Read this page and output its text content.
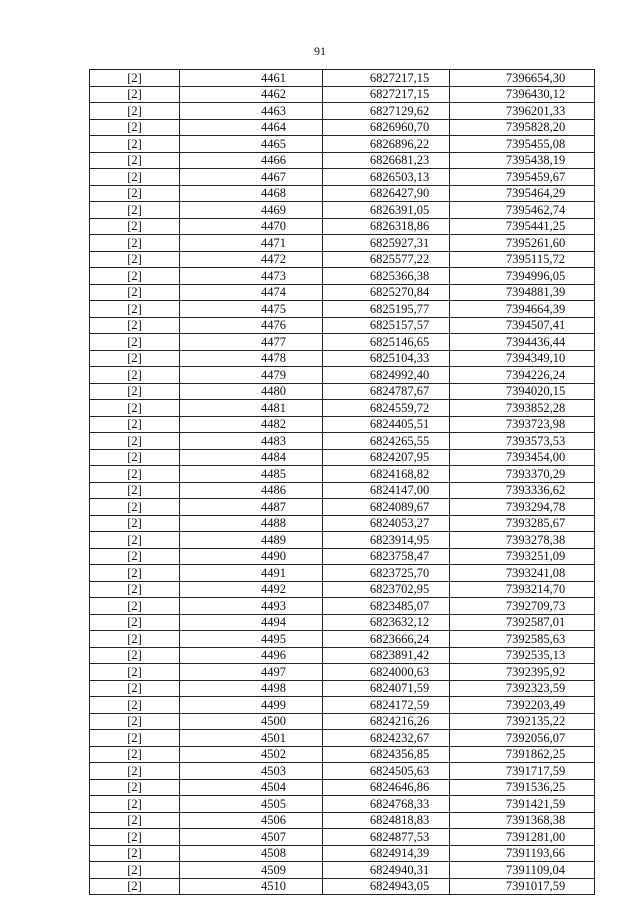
91
[2]	4461	6827217,15	7396654,30
[2]	4462	6827217,15	7396430,12
[2]	4463	6827129,62	7396201,33
[2]	4464	6826960,70	7395828,20
[2]	4465	6826896,22	7395455,08
[2]	4466	6826681,23	7395438,19
[2]	4467	6826503,13	7395459,67
[2]	4468	6826427,90	7395464,29
[2]	4469	6826391,05	7395462,74
[2]	4470	6826318,86	7395441,25
[2]	4471	6825927,31	7395261,60
[2]	4472	6825577,22	7395115,72
[2]	4473	6825366,38	7394996,05
[2]	4474	6825270,84	7394881,39
[2]	4475	6825195,77	7394664,39
[2]	4476	6825157,57	7394507,41
[2]	4477	6825146,65	7394436,44
[2]	4478	6825104,33	7394349,10
[2]	4479	6824992,40	7394226,24
[2]	4480	6824787,67	7394020,15
[2]	4481	6824559,72	7393852,28
[2]	4482	6824405,51	7393723,98
[2]	4483	6824265,55	7393573,53
[2]	4484	6824207,95	7393454,00
[2]	4485	6824168,82	7393370,29
[2]	4486	6824147,00	7393336,62
[2]	4487	6824089,67	7393294,78
[2]	4488	6824053,27	7393285,67
[2]	4489	6823914,95	7393278,38
[2]	4490	6823758,47	7393251,09
[2]	4491	6823725,70	7393241,08
[2]	4492	6823702,95	7393214,70
[2]	4493	6823485,07	7392709,73
[2]	4494	6823632,12	7392587,01
[2]	4495	6823666,24	7392585,63
[2]	4496	6823891,42	7392535,13
[2]	4497	6824000,63	7392395,92
[2]	4498	6824071,59	7392323,59
[2]	4499	6824172,59	7392203,49
[2]	4500	6824216,26	7392135,22
[2]	4501	6824232,67	7392056,07
[2]	4502	6824356,85	7391862,25
[2]	4503	6824505,63	7391717,59
[2]	4504	6824646,86	7391536,25
[2]	4505	6824768,33	7391421,59
[2]	4506	6824818,83	7391368,38
[2]	4507	6824877,53	7391281,00
[2]	4508	6824914,39	7391193,66
[2]	4509	6824940,31	7391109,04
[2]	4510	6824943,05	7391017,59
